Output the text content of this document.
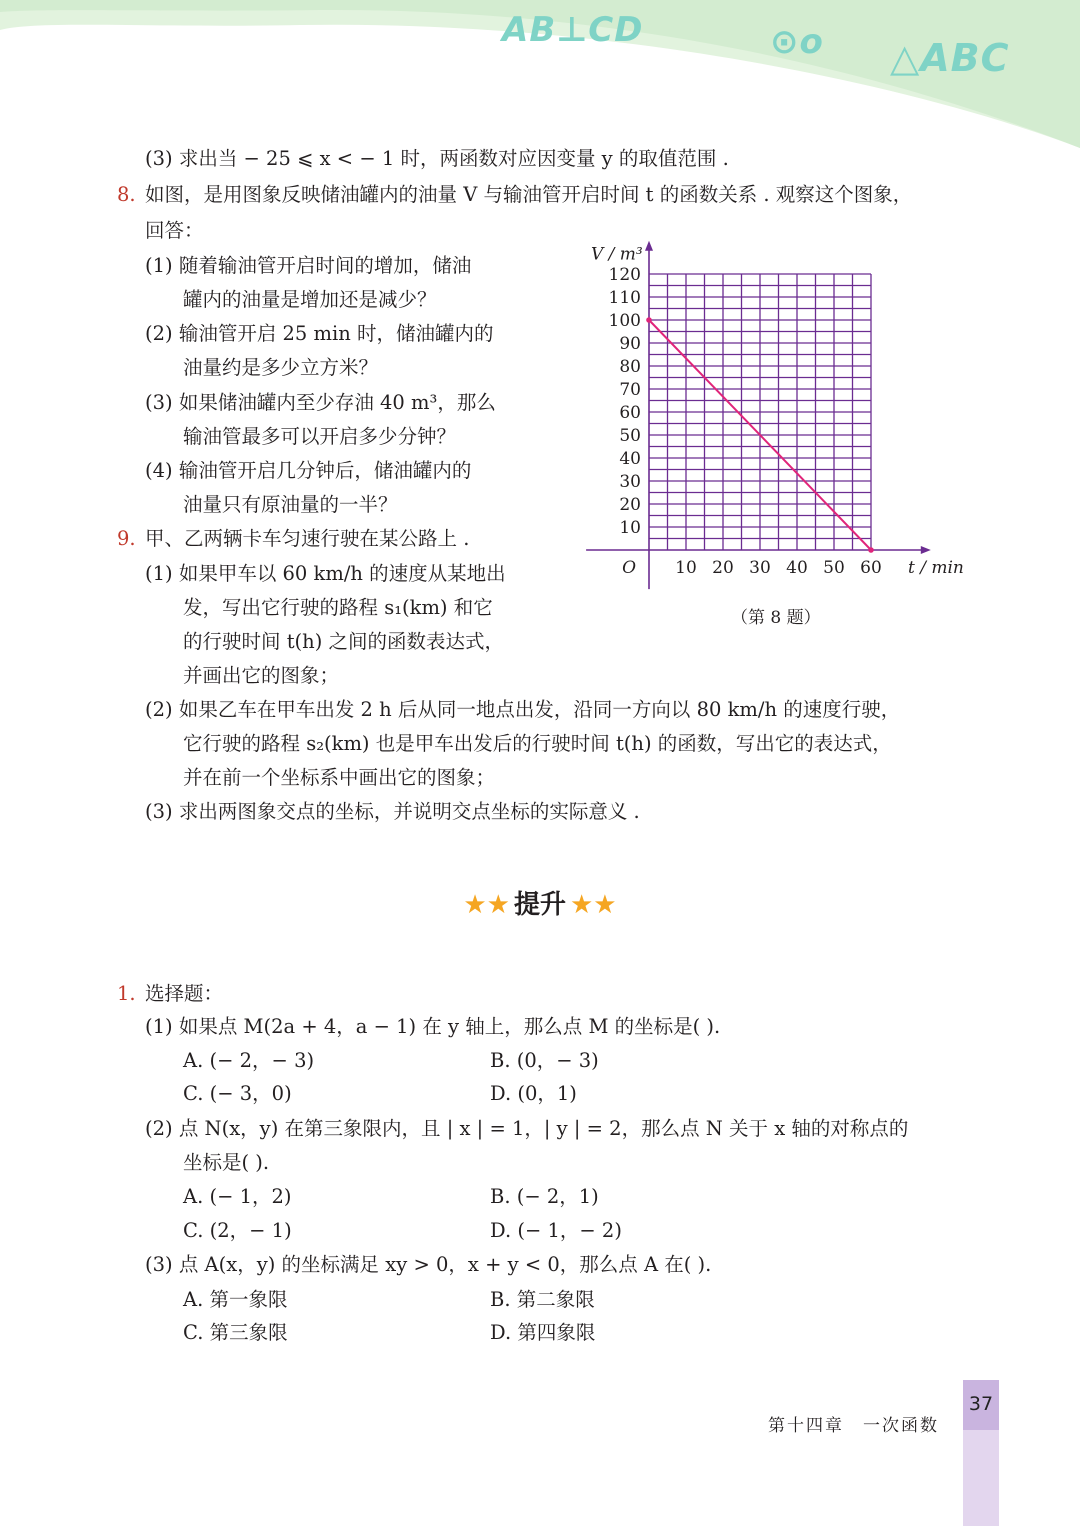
AB⊥CD	⊙o △ABC
(3) 求出当 − 25 ⩽ x < − 1 时，两函数对应因变量 y 的取值范围 .
8. 如图，是用图象反映储油罐内的油量 V 与输油管开启时间 t 的函数关系 . 观察这个图象，
回答：
(1) 随着输油管开启时间的增加，储油
罐内的油量是增加还是减少？
(2) 输油管开启 25 min 时，储油罐内的
油量约是多少立方米？
(3) 如果储油罐内至少存油 40 m³，那么
输油管最多可以开启多少分钟？
(4) 输油管开启几分钟后，储油罐内的
油量只有原油量的一半？
10 20 30 40 50 60
10
20
30
40
50
60
70
80
90
100
110
120
O	t / min
V / m³
（第 8 题）
9. 甲、乙两辆卡车匀速行驶在某公路上 .
(1) 如果甲车以 60 km/h 的速度从某地出
发，写出它行驶的路程 s₁(km) 和它
的行驶时间 t(h) 之间的函数表达式，
并画出它的图象；
(2) 如果乙车在甲车出发 2 h 后从同一地点出发，沿同一方向以 80 km/h 的速度行驶，
它行驶的路程 s₂(km) 也是甲车出发后的行驶时间 t(h) 的函数，写出它的表达式，
并在前一个坐标系中画出它的图象；
(3) 求出两图象交点的坐标，并说明交点坐标的实际意义 .
★★ 提升 ★★
1. 选择题：
(1) 如果点 M(2a + 4，a − 1) 在 y 轴上，那么点 M 的坐标是( ).
A. (− 2，− 3)	B. (0，− 3)
C. (− 3，0)	D. (0，1)
(2) 点 N(x，y) 在第三象限内，且 | x | = 1，| y | = 2，那么点 N 关于 x 轴的对称点的
坐标是( ).
A. (− 1，2)	B. (− 2，1)
C. (2，− 1)	D. (− 1，− 2)
(3) 点 A(x，y) 的坐标满足 xy > 0，x + y < 0，那么点 A 在( ).
A. 第一象限	B. 第二象限
C. 第三象限	D. 第四象限
第十四章　一次函数
37
